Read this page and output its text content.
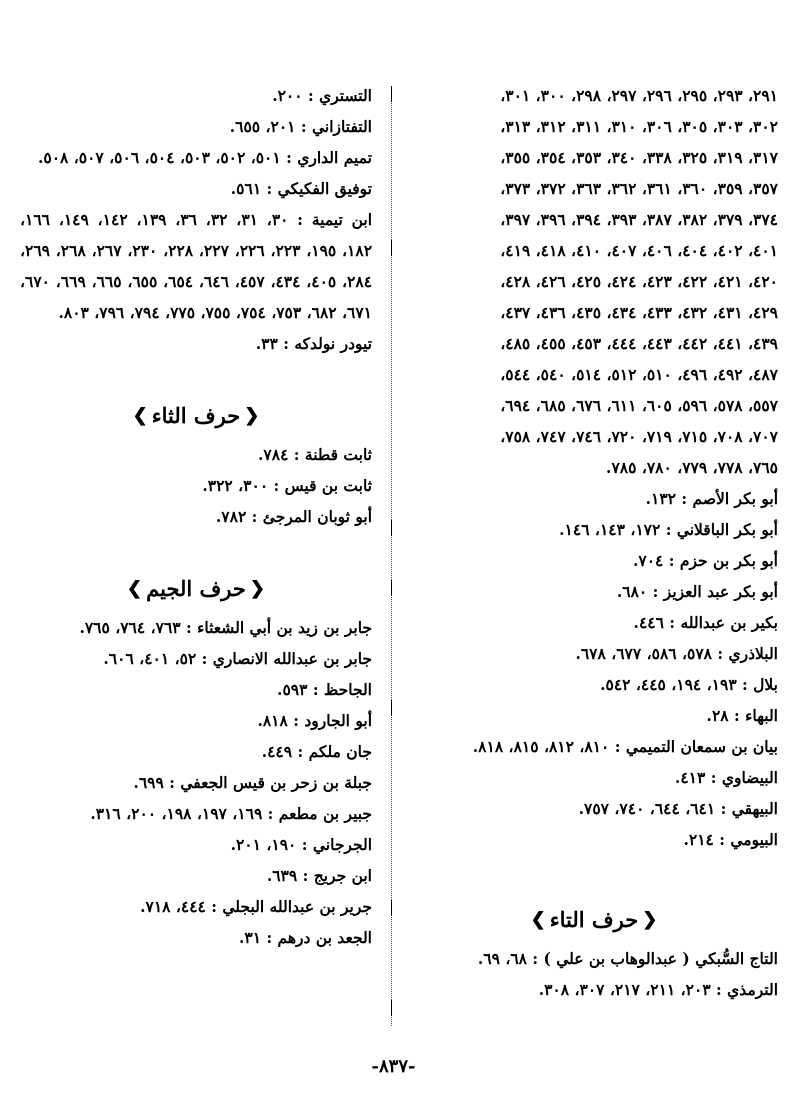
٢٩١، ٢٩٣، ٢٩٥، ٢٩٦، ٢٩٧، ٢٩٨، ٣٠٠، ٣٠١،
٣٠٢، ٣٠٣، ٣٠٥، ٣٠٦، ٣١٠، ٣١١، ٣١٢، ٣١٣،
٣١٧، ٣١٩، ٣٢٥، ٣٣٨، ٣٤٠، ٣٥٣، ٣٥٤، ٣٥٥،
٣٥٧، ٣٥٩، ٣٦٠، ٣٦١، ٣٦٢، ٣٦٣، ٣٧٢، ٣٧٣،
٣٧٤، ٣٧٩، ٣٨٢، ٣٨٧، ٣٩٣، ٣٩٤، ٣٩٦، ٣٩٧،
٤٠١، ٤٠٢، ٤٠٤، ٤٠٦، ٤٠٧، ٤١٠، ٤١٨، ٤١٩،
٤٢٠، ٤٢١، ٤٢٢، ٤٢٣، ٤٢٤، ٤٢٥، ٤٢٦، ٤٢٨،
٤٢٩، ٤٣١، ٤٣٢، ٤٣٣، ٤٣٤، ٤٣٥، ٤٣٦، ٤٣٧،
٤٣٩، ٤٤١، ٤٤٢، ٤٤٣، ٤٤٤، ٤٥٣، ٤٥٥، ٤٨٥،
٤٨٧، ٤٩٢، ٤٩٦، ٥١٠، ٥١٢، ٥١٤، ٥٤٠، ٥٤٤،
٥٥٧، ٥٧٨، ٥٩٦، ٦٠٥، ٦١١، ٦٧٦، ٦٨٥، ٦٩٤،
٧٠٧، ٧٠٨، ٧١٥، ٧١٩، ٧٢٠، ٧٤٦، ٧٤٧، ٧٥٨،
٧٦٥، ٧٧٨، ٧٧٩، ٧٨٠، ٧٨٥.
أبو بكر الأصم : ١٣٢.
أبو بكر الباقلاني : ١٧٢، ١٤٣، ١٤٦.
أبو بكر بن حزم : ٧٠٤.
أبو بكر عبد العزيز : ٦٨٠.
بكير بن عبدالله : ٤٤٦.
البلاذري : ٥٧٨، ٥٨٦، ٦٧٧، ٦٧٨.
بلال : ١٩٣، ١٩٤، ٤٤٥، ٥٤٢.
البهاء : ٢٨.
بيان بن سمعان التميمي : ٨١٠، ٨١٢، ٨١٥، ٨١٨.
البيضاوي : ٤١٣.
البيهقي : ٦٤١، ٦٤٤، ٧٤٠، ٧٥٧.
البيومي : ٢١٤.
❮
حرف التاء
❯
التاج السُّبكي ( عبدالوهاب بن علي ) : ٦٨، ٦٩.
الترمذي : ٢٠٣، ٢١١، ٢١٧، ٣٠٧، ٣٠٨.
التستري : ٢٠٠.
التفتازاني : ٢٠١، ٦٥٥.
تميم الداري : ٥٠١، ٥٠٢، ٥٠٣، ٥٠٤، ٥٠٦، ٥٠٧، ٥٠٨.
توفيق الفكيكي : ٥٦١.
ابن تيمية : ٣٠، ٣١، ٣٢، ٣٦، ١٣٩، ١٤٢، ١٤٩، ١٦٦، ١٨٢، ١٩٥، ٢٢٣، ٢٢٦، ٢٢٧، ٢٢٨، ٢٣٠، ٢٦٧، ٢٦٨، ٢٦٩، ٢٨٤، ٤٠٥، ٤٣٤، ٤٥٧، ٦٤٦، ٦٥٤، ٦٥٥، ٦٦٥، ٦٦٩، ٦٧٠، ٦٧١، ٦٨٢، ٧٥٣، ٧٥٤، ٧٥٥، ٧٧٥، ٧٩٤، ٧٩٦، ٨٠٣.
تيودر نولدكه : ٣٣.
❮
حرف الثاء
❯
ثابت قطنة : ٧٨٤.
ثابت بن قيس : ٣٠٠، ٣٢٢.
أبو ثوبان المرجئ : ٧٨٢.
❮
حرف الجيم
❯
جابر بن زيد بن أبي الشعثاء : ٧٦٣، ٧٦٤، ٧٦٥.
جابر بن عبدالله الانصاري : ٥٢، ٤٠١، ٦٠٦.
الجاحظ : ٥٩٣.
أبو الجارود : ٨١٨.
جان ملكم : ٤٤٩.
جبلة بن زحر بن قيس الجعفي : ٦٩٩.
جبير بن مطعم : ١٦٩، ١٩٧، ١٩٨، ٢٠٠، ٣١٦.
الجرجاني : ١٩٠، ٢٠١.
ابن جريج : ٦٣٩.
جرير بن عبدالله البجلي : ٤٤٤، ٧١٨.
الجعد بن درهم : ٣١.
-٨٣٧-
